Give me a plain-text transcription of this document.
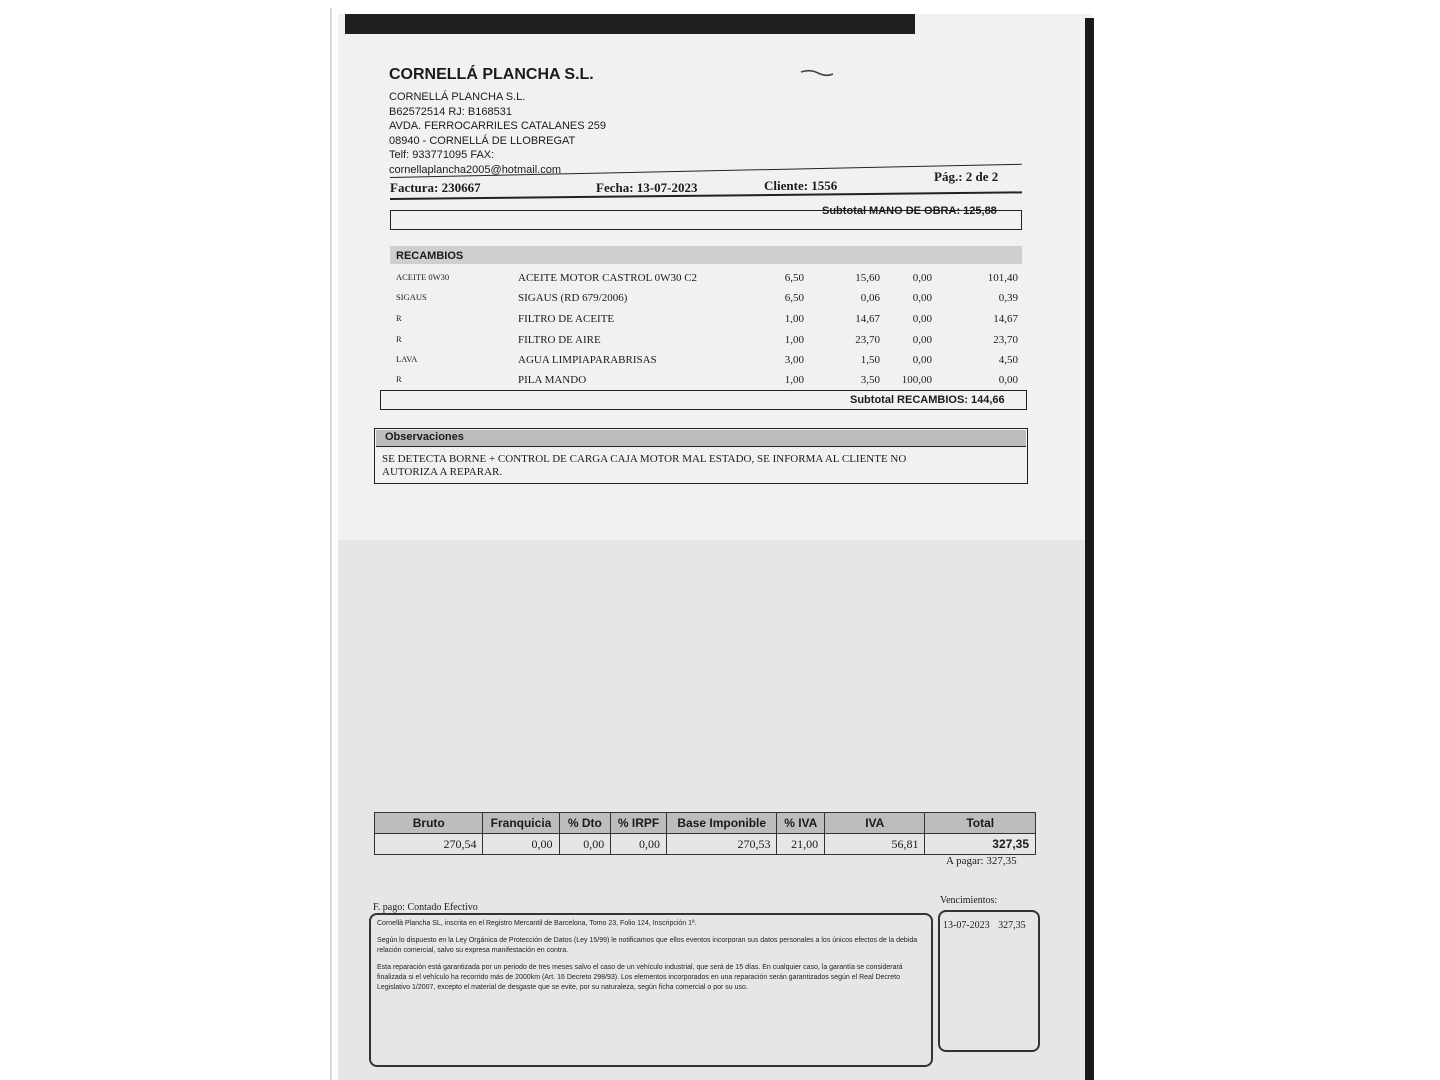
CORNELLÁ PLANCHA S.L.
CORNELLÁ PLANCHA S.L.
B62572514 RJ: B168531
AVDA. FERROCARRILES CATALANES 259
08940 - CORNELLÁ DE LLOBREGAT
Telf: 933771095 FAX:
cornellaplancha2005@hotmail.com
Factura: 230667	Fecha: 13-07-2023	Cliente: 1556
Pág.: 2 de 2
Subtotal MANO DE OBRA: 125,88
RECAMBIOS
ACEITE 0W30	ACEITE MOTOR CASTROL 0W30 C2	6,50	15,60	0,00	101,40
SIGAUS	SIGAUS (RD 679/2006)	6,50	0,06	0,00	0,39
R	FILTRO DE ACEITE	1,00	14,67	0,00	14,67
R	FILTRO DE AIRE	1,00	23,70	0,00	23,70
LAVA	AGUA LIMPIAPARABRISAS	3,00	1,50	0,00	4,50
R	PILA MANDO	1,00	3,50	100,00	0,00
Subtotal RECAMBIOS: 144,66
Observaciones
SE DETECTA BORNE + CONTROL DE CARGA CAJA MOTOR MAL ESTADO, SE INFORMA AL CLIENTE NO
AUTORIZA A REPARAR.
Bruto	Franquicia	% Dto	% IRPF	Base Imponible	% IVA	IVA	Total
270,54	0,00	0,00	0,00	270,53	21,00	56,81	327,35
A pagar: 327,35
F. pago: Contado Efectivo
Vencimientos:

Cornellà Plancha SL, inscrita en el Registro Mercantil de Barcelona, Tomo 23, Folio 124, Inscripción 1ª.

Según lo dispuesto en la Ley Orgánica de Protección de Datos (Ley 15/99) le notificamos que ellos eventos incorporan sus datos personales a los únicos efectos de la debida relación comercial, salvo su expresa manifestación en contra.

Esta reparación está garantizada por un periodo de tres meses salvo el caso de un vehículo industrial, que será de 15 días. En cualquier caso, la garantía se considerará finalizada si el vehículo ha recorrido más de 2000km (Art. 16 Decreto 298/93). Los elementos incorporados en una reparación serán garantizados según el Real Decreto Legislativo 1/2007, excepto el material de desgaste que se evite, por su naturaleza, según ficha comercial o por su uso.

13-07-2023 327,35
